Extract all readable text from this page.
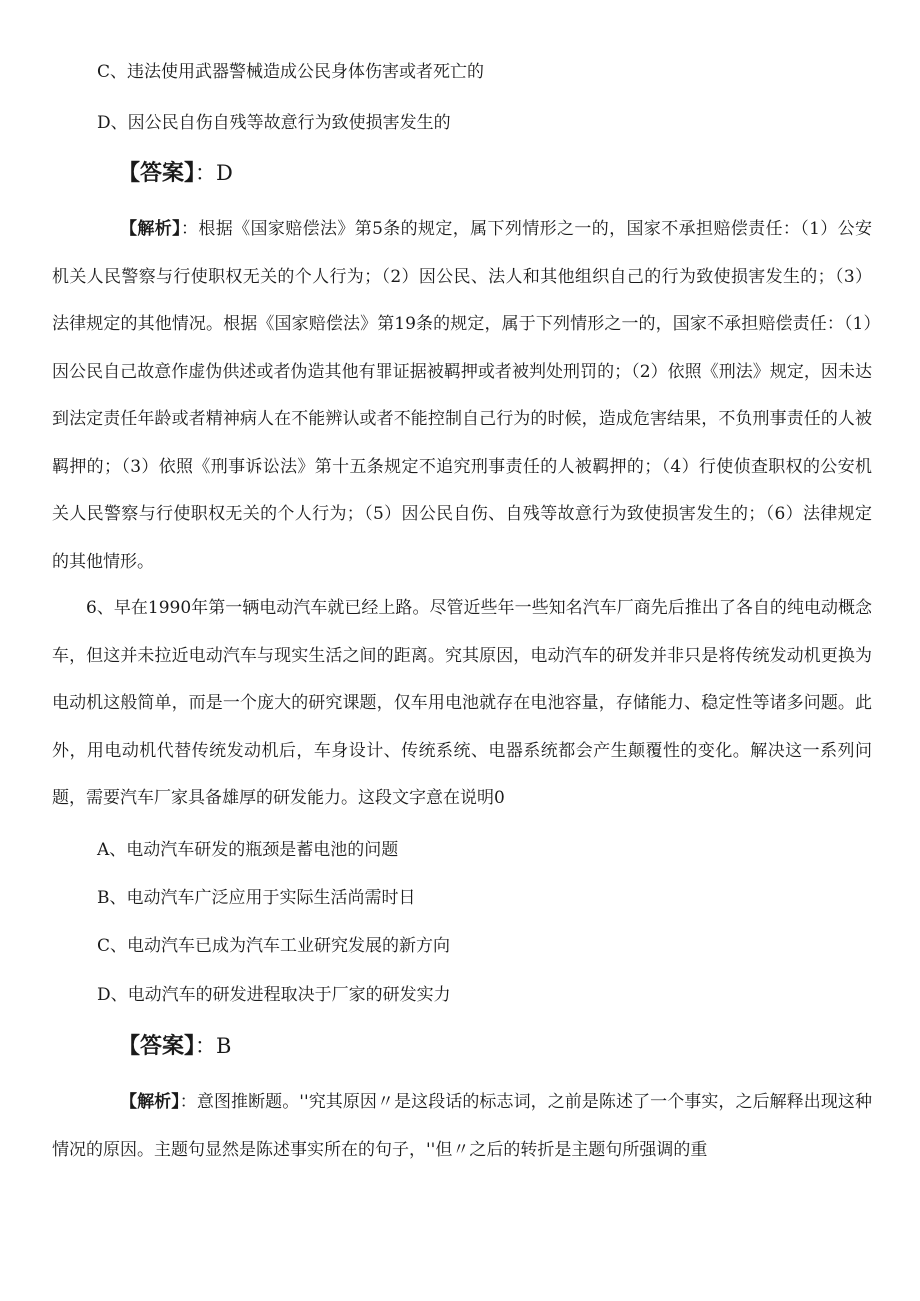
C、违法使用武器警械造成公民身体伤害或者死亡的
D、因公民自伤自残等故意行为致使损害发生的
【答案】：D

【解析】：根据《国家赔偿法》第5条的规定，属下列情形之一的，国家不承担赔偿责任：（1）公安机关人民警察与行使职权无关的个人行为；（2）因公民、法人和其他组织自己的行为致使损害发生的；（3）法律规定的其他情况。根据《国家赔偿法》第19条的规定，属于下列情形之一的，国家不承担赔偿责任：（1）因公民自己故意作虚伪供述或者伪造其他有罪证据被羁押或者被判处刑罚的；（2）依照《刑法》规定，因未达到法定责任年龄或者精神病人在不能辨认或者不能控制自己行为的时候，造成危害结果，不负刑事责任的人被羁押的；（3）依照《刑事诉讼法》第十五条规定不追究刑事责任的人被羁押的；（4）行使侦查职权的公安机关人民警察与行使职权无关的个人行为；（5）因公民自伤、自残等故意行为致使损害发生的；（6）法律规定的其他情形。

6、早在1990年第一辆电动汽车就已经上路。尽管近些年一些知名汽车厂商先后推出了各自的纯电动概念车，但这并未拉近电动汽车与现实生活之间的距离。究其原因，电动汽车的研发并非只是将传统发动机更换为电动机这般简单，而是一个庞大的研究课题，仅车用电池就存在电池容量，存储能力、稳定性等诸多问题。此外，用电动机代替传统发动机后，车身设计、传统系统、电器系统都会产生颠覆性的变化。解决这一系列问题，需要汽车厂家具备雄厚的研发能力。这段文字意在说明0

A、电动汽车研发的瓶颈是蓄电池的问题
B、电动汽车广泛应用于实际生活尚需时日
C、电动汽车已成为汽车工业研究发展的新方向
D、电动汽车的研发进程取决于厂家的研发实力
【答案】：B

【解析】：意图推断题。''究其原因〃是这段话的标志词，之前是陈述了一个事实，之后解释出现这种情况的原因。主题句显然是陈述事实所在的句子，''但〃之后的转折是主题句所强调的重
